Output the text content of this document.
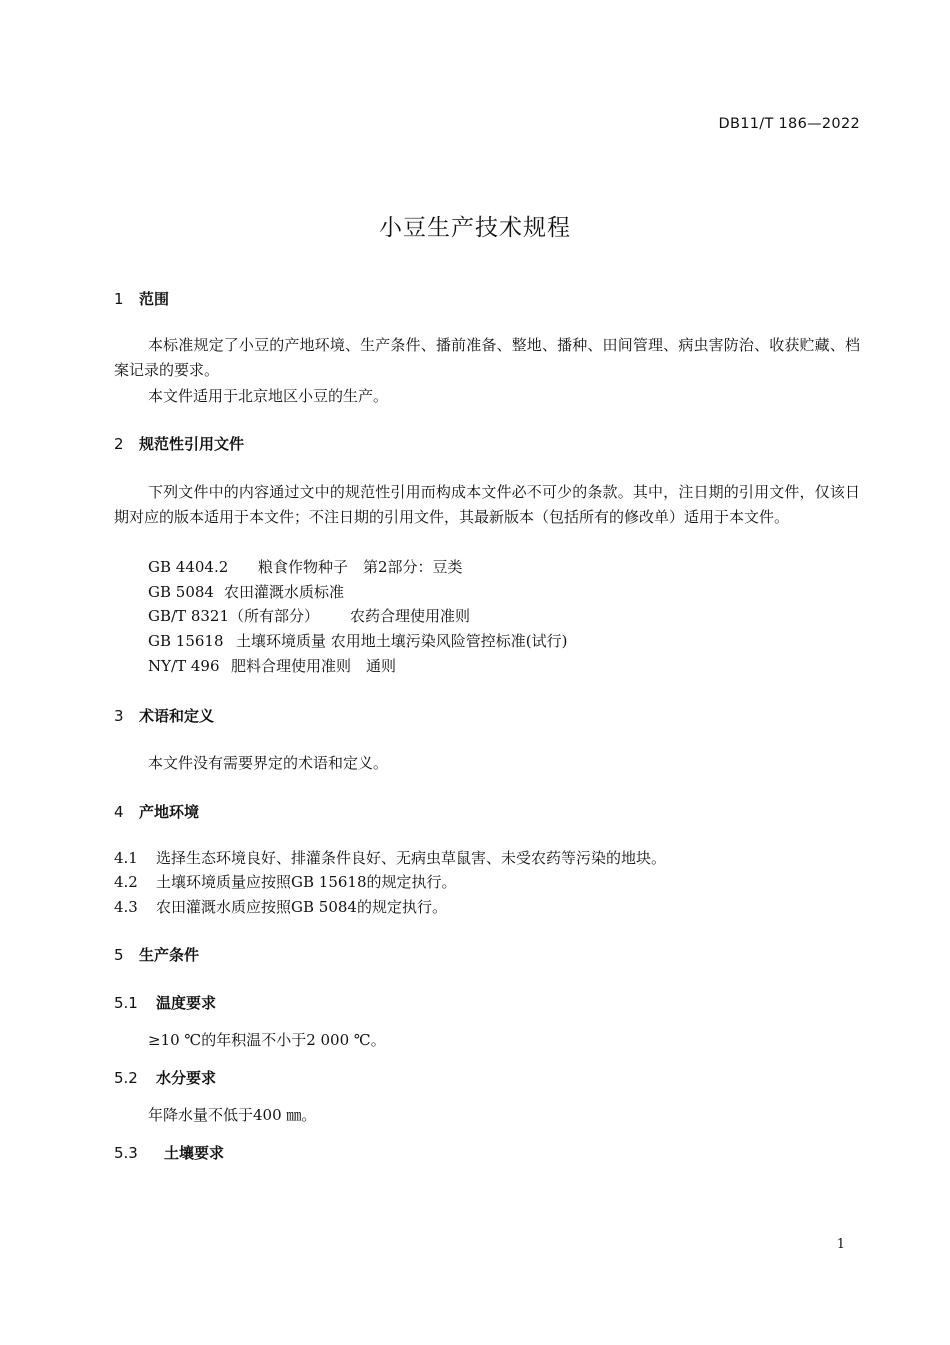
DB11/T 186—2022
小豆生产技术规程
1 范围
本标准规定了小豆的产地环境、生产条件、播前准备、整地、播种、田间管理、病虫害防治、收获贮藏、档案记录的要求。
本文件适用于北京地区小豆的生产。
2 规范性引用文件
下列文件中的内容通过文中的规范性引用而构成本文件必不可少的条款。其中，注日期的引用文件，仅该日期对应的版本适用于本文件；不注日期的引用文件，其最新版本（包括所有的修改单）适用于本文件。
GB 4404.2 粮食作物种子　第2部分：豆类
GB 5084 农田灌溉水质标准
GB/T 8321（所有部分） 农药合理使用准则
GB 15618 土壤环境质量 农用地土壤污染风险管控标准(试行)
NY/T 496 肥料合理使用准则　通则
3 术语和定义
本文件没有需要界定的术语和定义。
4 产地环境
4.1 选择生态环境良好、排灌条件良好、无病虫草鼠害、未受农药等污染的地块。
4.2 土壤环境质量应按照GB 15618的规定执行。
4.3 农田灌溉水质应按照GB 5084的规定执行。
5 生产条件
5.1 温度要求
≥10 ℃的年积温不小于2 000 ℃。
5.2 水分要求
年降水量不低于400 ㎜。
5.3 土壤要求
1
